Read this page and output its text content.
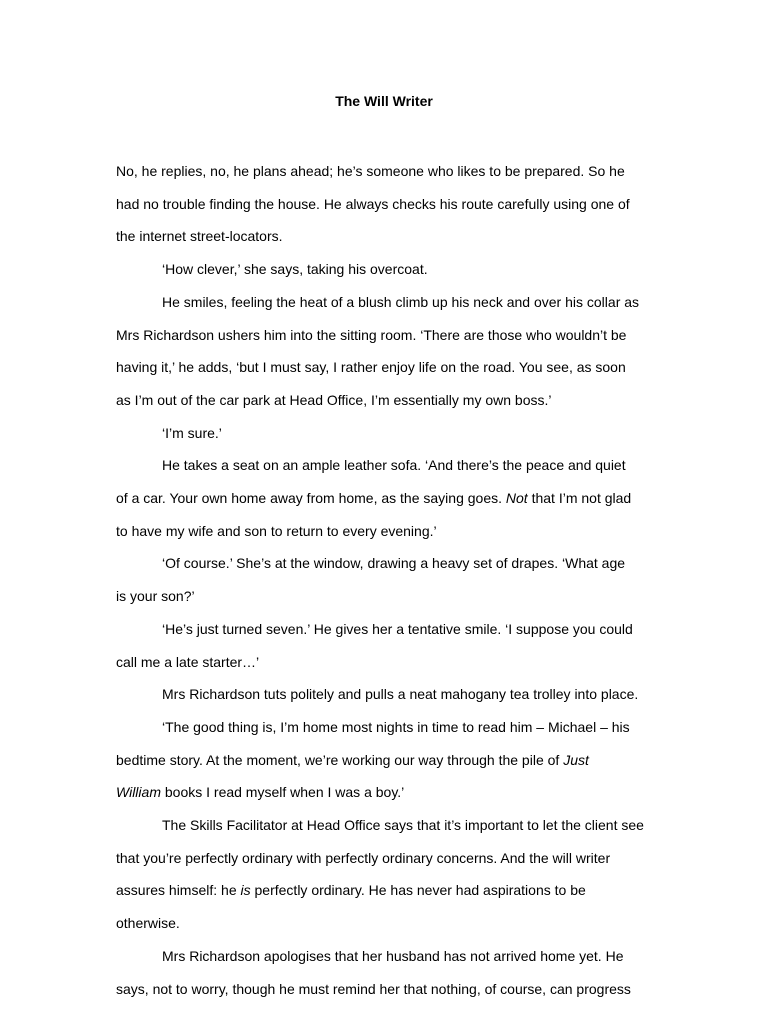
The Will Writer
No, he replies, no, he plans ahead; he’s someone who likes to be prepared. So he
had no trouble finding the house. He always checks his route carefully using one of
the internet street-locators.
‘How clever,’ she says, taking his overcoat.
He smiles, feeling the heat of a blush climb up his neck and over his collar as
Mrs Richardson ushers him into the sitting room. ‘There are those who wouldn’t be
having it,’ he adds, ‘but I must say, I rather enjoy life on the road. You see, as soon
as I’m out of the car park at Head Office, I’m essentially my own boss.’
‘I’m sure.’
He takes a seat on an ample leather sofa. ‘And there’s the peace and quiet
of a car. Your own home away from home, as the saying goes. Not that I’m not glad
to have my wife and son to return to every evening.’
‘Of course.’ She’s at the window, drawing a heavy set of drapes. ‘What age
is your son?’
‘He’s just turned seven.’ He gives her a tentative smile. ‘I suppose you could
call me a late starter…’
Mrs Richardson tuts politely and pulls a neat mahogany tea trolley into place.
‘The good thing is, I’m home most nights in time to read him – Michael – his
bedtime story. At the moment, we’re working our way through the pile of Just
William books I read myself when I was a boy.’
The Skills Facilitator at Head Office says that it’s important to let the client see
that you’re perfectly ordinary with perfectly ordinary concerns. And the will writer
assures himself: he is perfectly ordinary. He has never had aspirations to be
otherwise.
Mrs Richardson apologises that her husband has not arrived home yet. He
says, not to worry, though he must remind her that nothing, of course, can progress
